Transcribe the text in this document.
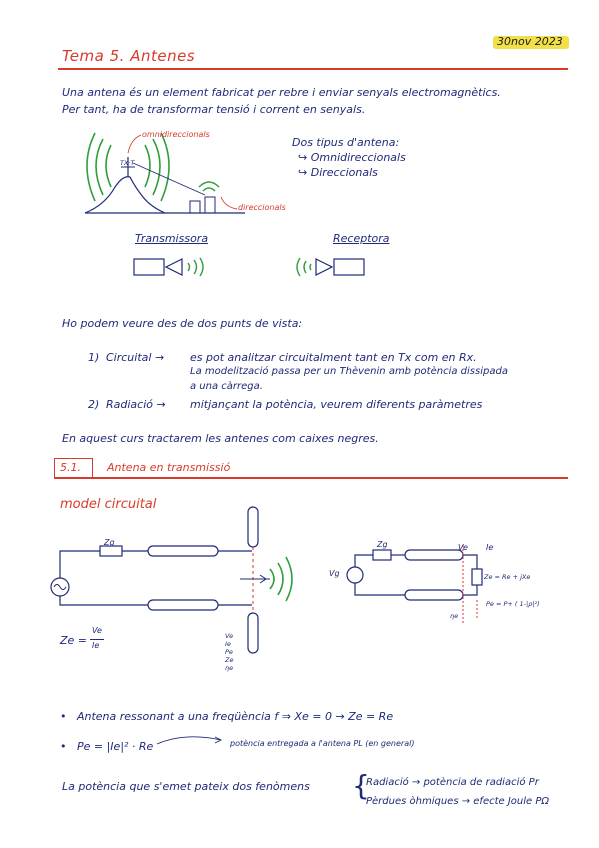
30nov 2023
Tema 5. Antenes
Una antena és un element fabricat per rebre i enviar senyals electromagnètics.
Per tant, ha de transformar tensió i corrent en senyals.
omnidireccionals
direccionals
TX·T
Dos tipus d'antena:
↪ Omnidireccionals
↪ Direccionals
Transmissora	Receptora
Ho podem veure des de dos punts de vista:
1) Circuital → es pot analitzar circuitalment tant en Tx com en Rx.
La modelització passa per un Thèvenin amb potència dissipada
a una càrrega.
2) Radiació → mitjançant la potència, veurem diferents paràmetres
En aquest curs tractarem les antenes com caixes negres.
5.1. Antena en transmissió
model circuital
Zg
Ze =
Ve
Ie
Ve
Ie
Pe
Ze
ηe
Zg
Vg
Ve Ie
Ze = Re + jXe
Pe = P+ ( 1-|ρ|²)
ηe
•   Antena ressonant a una freqüència f ⇒ Xe = 0 → Ze = Re
•   Pe = |Ie|² · Re	potència entregada a l'antena PL (en general)
La potència que s'emet pateix dos fenòmens {
Radiació → potència de radiació Pr
Pèrdues òhmiques → efecte Joule PΩ
